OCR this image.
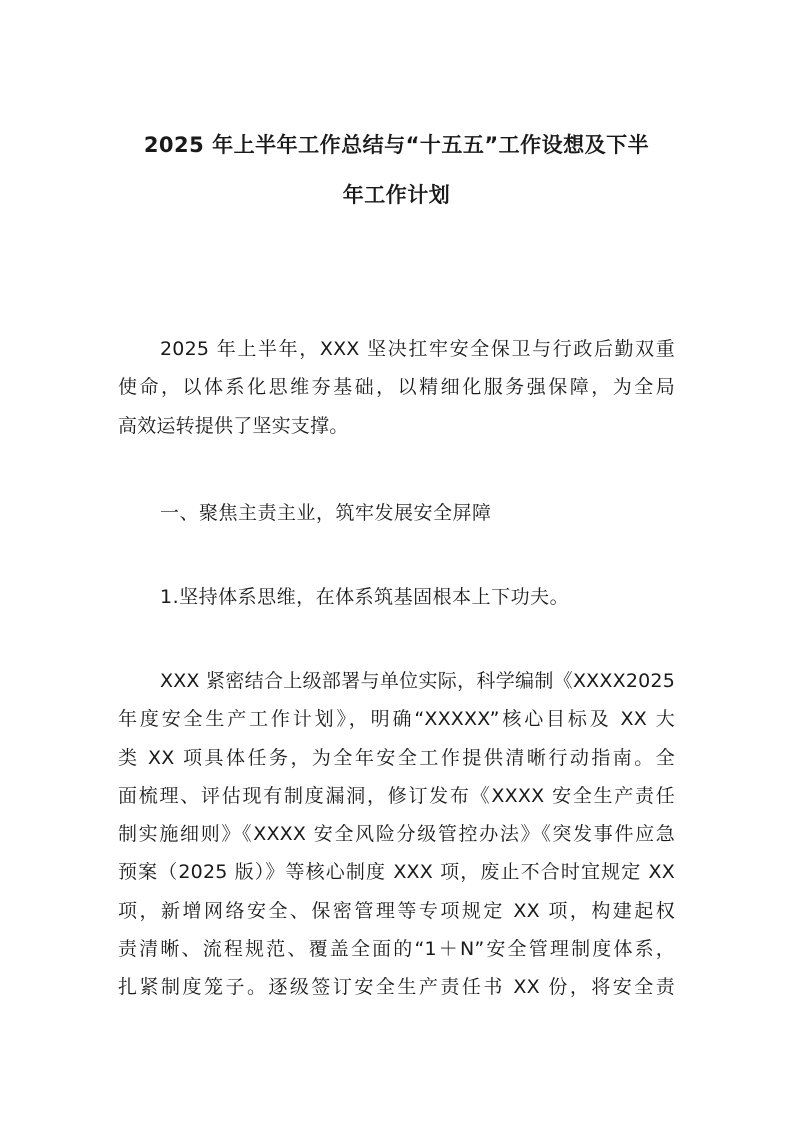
2025 年上半年工作总结与“十五五”工作设想及下半
年工作计划
2025 年上半年，XXX 坚决扛牢安全保卫与行政后勤双重
使命，以体系化思维夯基础，以精细化服务强保障，为全局
高效运转提供了坚实支撑。
一、聚焦主责主业，筑牢发展安全屏障
1.坚持体系思维，在体系筑基固根本上下功夫。
XXX 紧密结合上级部署与单位实际，科学编制《XXXX2025
年度安全生产工作计划》，明确“XXXXX”核心目标及 XX 大
类 XX 项具体任务，为全年安全工作提供清晰行动指南。全
面梳理、评估现有制度漏洞，修订发布《XXXX 安全生产责任
制实施细则》《XXXX 安全风险分级管控办法》《突发事件应急
预案（2025 版）》等核心制度 XXX 项，废止不合时宜规定 XX
项，新增网络安全、保密管理等专项规定 XX 项，构建起权
责清晰、流程规范、覆盖全面的“1＋N”安全管理制度体系，
扎紧制度笼子。逐级签订安全生产责任书 XX 份，将安全责
